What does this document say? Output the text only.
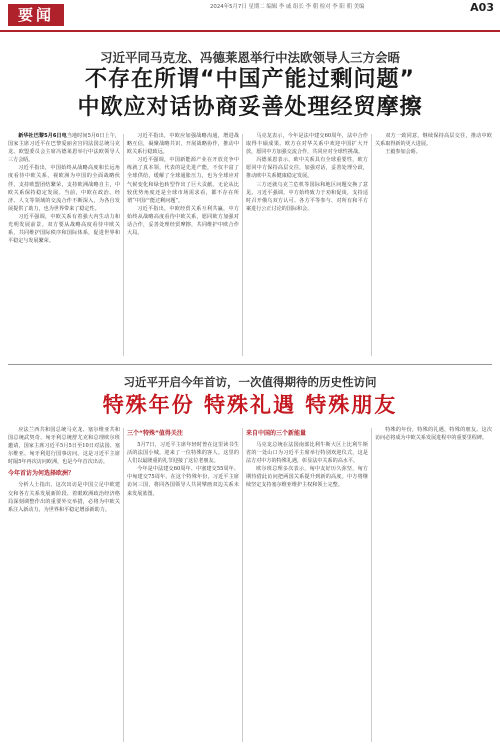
要闻	2024年5月7日 星期二 编辑 李 戚 组长 李 朝 检对 李 阳 朝 美编	A03
习近平同马克龙、冯德莱恩举行中法欧领导人三方会晤
不存在所谓“中国产能过剩问题”
中欧应对话协商妥善处理经贸摩擦

新华社巴黎5月6日电当地时间5月6日上午，国家主席习近平在巴黎爱丽舍宫同法国总统马克龙、欧盟委员会主席冯德莱恩举行中法欧领导人三方会晤。

习近平指出，中国始终从战略高度和长远角度看待中欧关系，视欧洲为中国的全面战略伙伴，支持欧盟团结繁荣，支持欧洲战略自主，中欧关系保持稳定发展。当前，中欧在政治、经济、人文等领域的交流合作不断深入，为各自发展提供了助力，也为世界带来了稳定性。

习近平强调，中欧关系有着强大内生动力和光明发展前景。双方要从战略高度看待中欧关系，共同维护国际秩序和国际体系，促进世界和平稳定与发展繁荣。

习近平指出，中欧应加强战略沟通，增进战略互信，凝聚战略共识，开展战略协作，推动中欧关系行稳致远。

习近平强调，中国新能源产业在开放竞争中练就了真本领，代表的是先进产能，不仅丰富了全球供给，缓解了全球通胀压力，也为全球应对气候变化和绿色转型作出了巨大贡献。无论从比较优势角度还是全球市场需求看，都不存在所谓“中国产能过剩问题”。

习近平指出，中欧经贸关系互利共赢，中方始终从战略高度看待中欧关系，愿同欧方加强对话合作，妥善处理经贸摩擦，共同维护中欧合作大局。

马克龙表示，今年是法中建交60周年，法中合作取得丰硕成果。欧方在对华关系中欢迎中国扩大开放，愿同中方加强交流合作，共同应对全球性挑战。

冯德莱恩表示，欧中关系具有全球重要性，欧方愿同中方保持高层交往，加强对话，妥善处理分歧，推动欧中关系健康稳定发展。

三方还就乌克兰危机等国际和地区问题交换了意见。习近平强调，中方始终致力于劝和促谈，支持适时召开俄乌双方认可、各方平等参与、对所有和平方案进行公正讨论的国际和会。

双方一致同意，继续保持高层交往，推动中欧关系取得新的更大进展。

王毅参加会晤。

习近平开启今年首访，一次值得期待的历史性访问
特殊年份 特殊礼遇 特殊朋友

应法兰西共和国总统马克龙、塞尔维亚共和国总统武契奇、匈牙利总统舒尤克和总理欧尔班邀请，国家主席习近平5月5日至10日对法国、塞尔维亚、匈牙利进行国事访问。这是习近平主席时隔5年再次访问欧洲，也是今年首次出访。

今年首访为何选择欧洲？

分析人士指出，这次出访是中国立足中欧建交和各方关系发展新阶段、着眼欧洲政治经济格局深刻调整作出的重要外交举措，必将为中欧关系注入新动力，为世界和平稳定增添新助力。

三个“特殊”值得关注

5月7日，习近平主席年轻时曾在这里读书生活的法国小城，迎来了一位特殊的客人。这里的人们以最隆重的礼节迎接了这位老朋友。

今年是中法建交60周年、中塞建交55周年、中匈建交75周年。在这个特殊年份，习近平主席访问三国，将同各国领导人共同擘画双边关系未来发展蓝图。

来自中国的三个新能量

马克龙总统在法国南部比利牛斯大区上比利牛斯省的一处山口为习近平主席举行特别欢迎仪式，这是法方对中方的特殊礼遇，彰显法中关系的高水平。

欧尔班总理多次表示，匈中友好历久弥坚，匈方期待借此访问把两国关系提升到新的高度。中方将继续坚定支持塞尔维亚维护主权和领土完整。

特殊的年份，特殊的礼遇，特殊的朋友。这次访问必将成为中欧关系发展进程中的重要里程碑。
